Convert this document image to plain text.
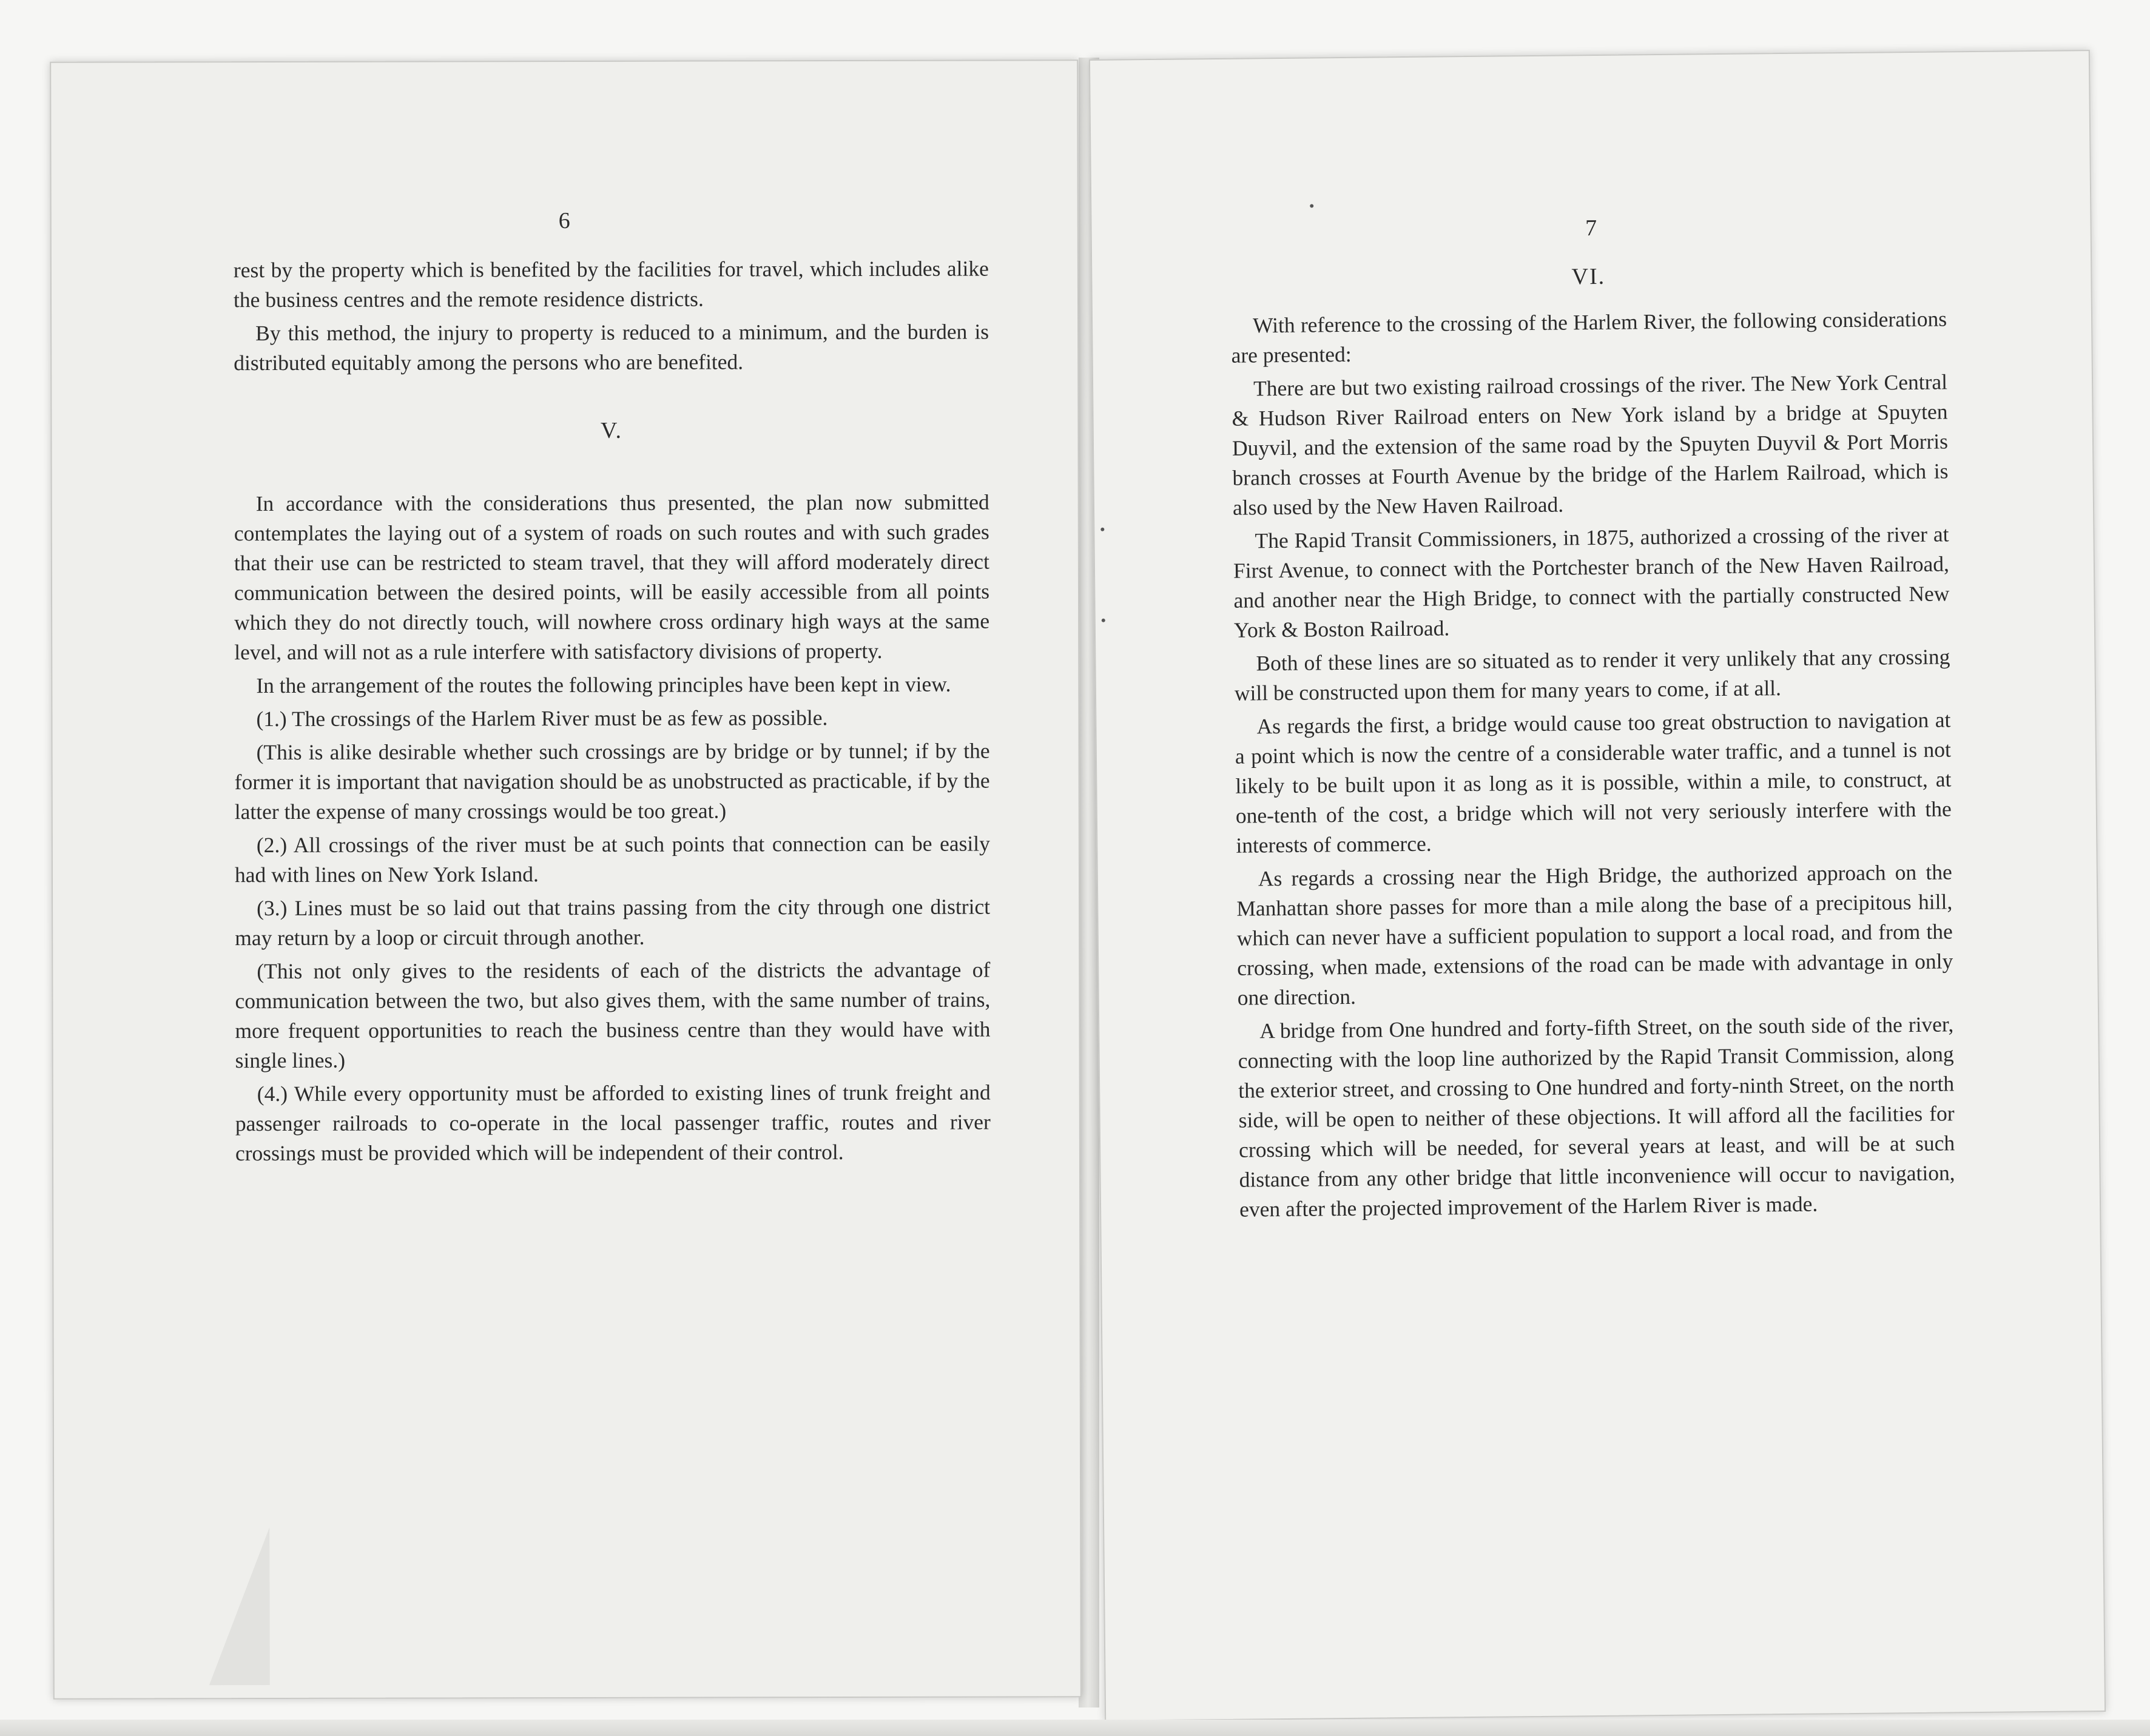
6

rest by the property which is benefited by the facilities for travel, which includes alike the business centres and the remote residence districts.

By this method, the injury to property is reduced to a minimum, and the burden is distributed equitably among the persons who are benefited.

V.

In accordance with the considerations thus presented, the plan now submitted contemplates the laying out of a system of roads on such routes and with such grades that their use can be restricted to steam travel, that they will afford moderately direct communication between the desired points, will be easily accessible from all points which they do not directly touch, will nowhere cross ordinary high ways at the same level, and will not as a rule interfere with satisfactory divisions of property.

In the arrangement of the routes the following principles have been kept in view.

(1.) The crossings of the Harlem River must be as few as possible.

(This is alike desirable whether such crossings are by bridge or by tunnel; if by the former it is important that navigation should be as unobstructed as practicable, if by the latter the expense of many crossings would be too great.)

(2.) All crossings of the river must be at such points that connection can be easily had with lines on New York Island.

(3.) Lines must be so laid out that trains passing from the city through one district may return by a loop or circuit through another.

(This not only gives to the residents of each of the districts the advantage of communication between the two, but also gives them, with the same number of trains, more frequent opportunities to reach the business centre than they would have with single lines.)

(4.) While every opportunity must be afforded to existing lines of trunk freight and passenger railroads to co-operate in the local passenger traffic, routes and river crossings must be provided which will be independent of their control.

7
VI.

With reference to the crossing of the Harlem River, the following considerations are presented:

There are but two existing railroad crossings of the river. The New York Central & Hudson River Railroad enters on New York island by a bridge at Spuyten Duyvil, and the extension of the same road by the Spuyten Duyvil & Port Morris branch crosses at Fourth Avenue by the bridge of the Harlem Railroad, which is also used by the New Haven Railroad.

The Rapid Transit Commissioners, in 1875, authorized a crossing of the river at First Avenue, to connect with the Portchester branch of the New Haven Railroad, and another near the High Bridge, to connect with the partially constructed New York & Boston Railroad.

Both of these lines are so situated as to render it very unlikely that any crossing will be constructed upon them for many years to come, if at all.

As regards the first, a bridge would cause too great obstruction to navigation at a point which is now the centre of a considerable water traffic, and a tunnel is not likely to be built upon it as long as it is possible, within a mile, to construct, at one-tenth of the cost, a bridge which will not very seriously interfere with the interests of commerce.

As regards a crossing near the High Bridge, the authorized approach on the Manhattan shore passes for more than a mile along the base of a precipitous hill, which can never have a sufficient population to support a local road, and from the crossing, when made, extensions of the road can be made with advantage in only one direction.

A bridge from One hundred and forty-fifth Street, on the south side of the river, connecting with the loop line authorized by the Rapid Transit Commission, along the exterior street, and crossing to One hundred and forty-ninth Street, on the north side, will be open to neither of these objections. It will afford all the facilities for crossing which will be needed, for several years at least, and will be at such distance from any other bridge that little inconvenience will occur to navigation, even after the projected improvement of the Harlem River is made.
